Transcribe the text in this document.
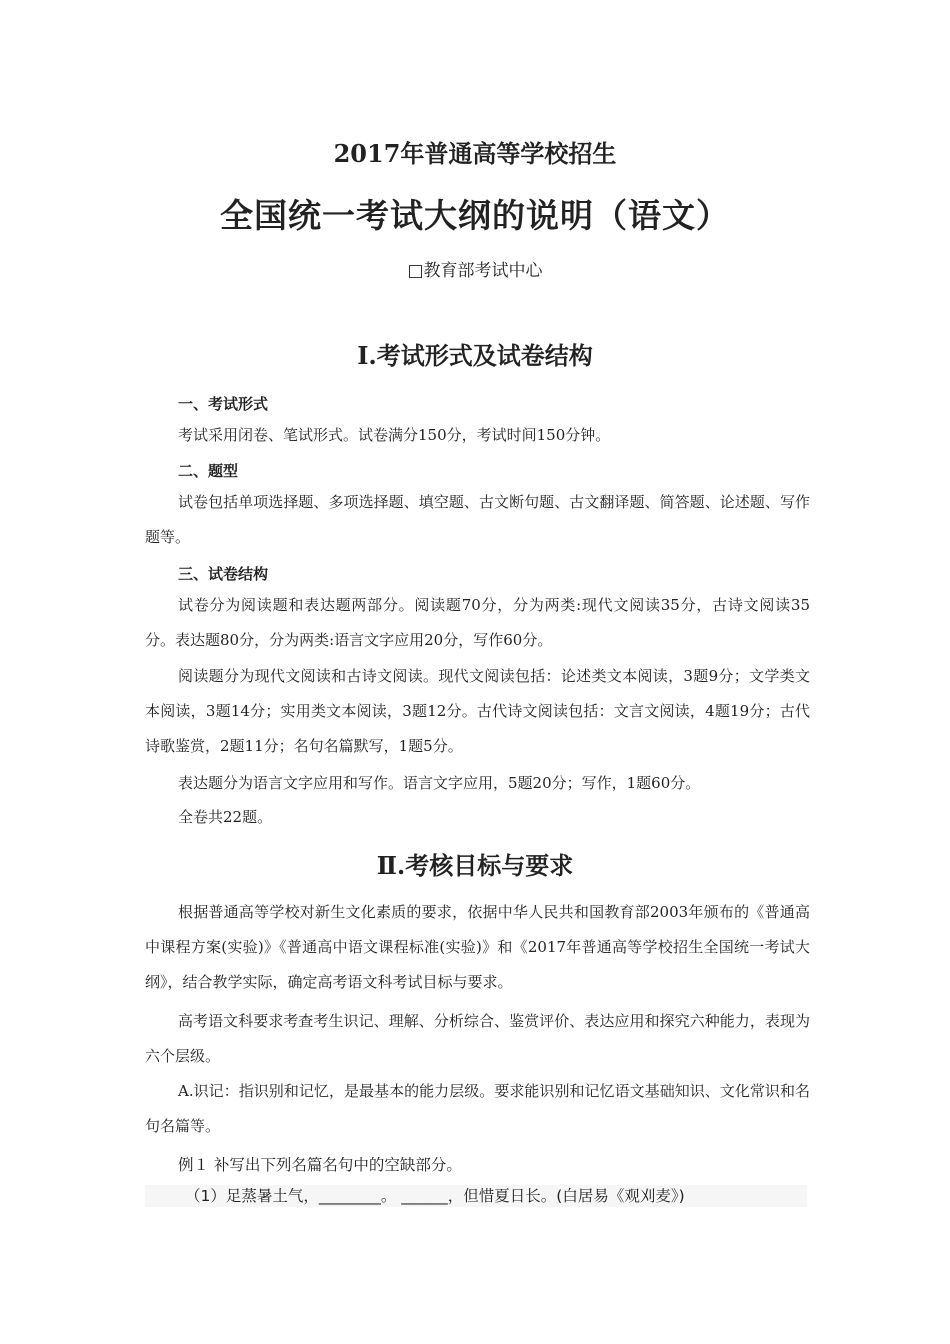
2017年普通高等学校招生
全国统一考试大纲的说明（语文）
□教育部考试中心
Ⅰ.考试形式及试卷结构
一、考试形式

考试采用闭卷、笔试形式。试卷满分150分，考试时间150分钟。

二、题型

试卷包括单项选择题、多项选择题、填空题、古文断句题、古文翻译题、简答题、论述题、写作题等。

三、试卷结构

试卷分为阅读题和表达题两部分。阅读题70分，分为两类:现代文阅读35分，古诗文阅读35分。表达题80分，分为两类:语言文字应用20分，写作60分。

阅读题分为现代文阅读和古诗文阅读。现代文阅读包括：论述类文本阅读，3题9分；文学类文本阅读，3题14分；实用类文本阅读，3题12分。古代诗文阅读包括：文言文阅读，4题19分；古代诗歌鉴赏，2题11分；名句名篇默写，1题5分。

表达题分为语言文字应用和写作。语言文字应用，5题20分；写作，1题60分。

全卷共22题。

Ⅱ.考核目标与要求

根据普通高等学校对新生文化素质的要求，依据中华人民共和国教育部2003年颁布的《普通高中课程方案(实验)》《普通高中语文课程标准(实验)》和《2017年普通高等学校招生全国统一考试大纲》，结合教学实际，确定高考语文科考试目标与要求。

高考语文科要求考查考生识记、理解、分析综合、鉴赏评价、表达应用和探究六种能力，表现为六个层级。

A.识记：指识别和记忆，是最基本的能力层级。要求能识别和记忆语文基础知识、文化常识和名句名篇等。

例１ 补写出下列名篇名句中的空缺部分。
（1）足蒸暑土气，________。 ______，但惜夏日长。(白居易《观刈麦》)
